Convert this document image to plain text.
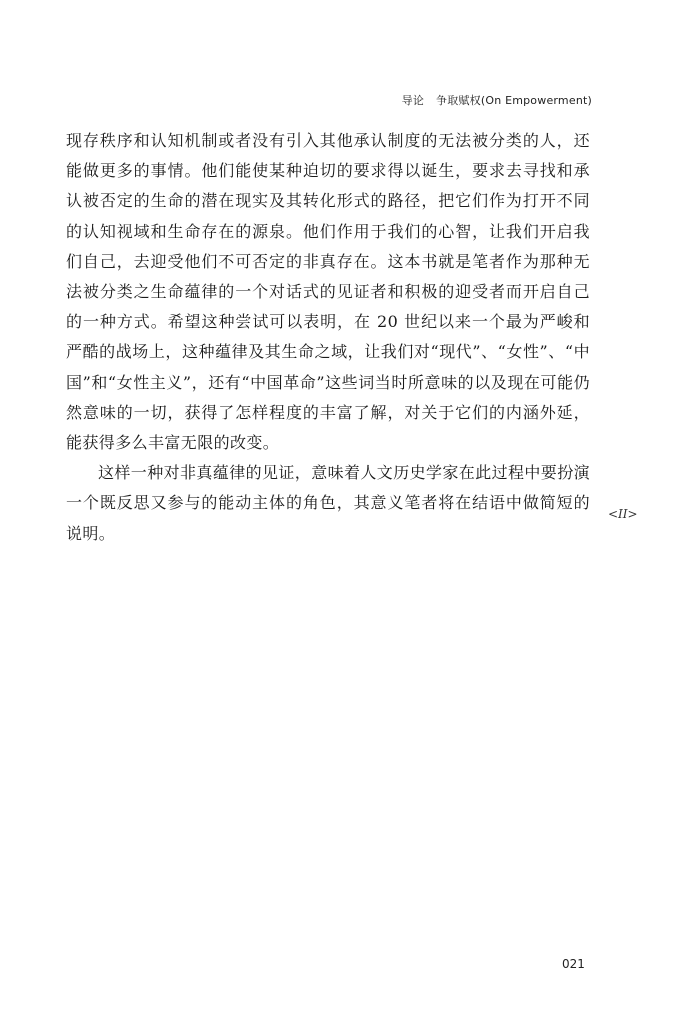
导论 争取赋权(On Empowerment)

现存秩序和认知机制或者没有引入其他承认制度的无法被分类的人，还能做更多的事情。他们能使某种迫切的要求得以诞生，要求去寻找和承认被否定的生命的潜在现实及其转化形式的路径，把它们作为打开不同的认知视域和生命存在的源泉。他们作用于我们的心智，让我们开启我们自己，去迎受他们不可否定的非真存在。这本书就是笔者作为那种无法被分类之生命蕴律的一个对话式的见证者和积极的迎受者而开启自己的一种方式。希望这种尝试可以表明，在 20 世纪以来一个最为严峻和严酷的战场上，这种蕴律及其生命之域，让我们对“现代”、“女性”、“中国”和“女性主义”，还有“中国革命”这些词当时所意味的以及现在可能仍然意味的一切，获得了怎样程度的丰富了解，对关于它们的内涵外延，能获得多么丰富无限的改变。

这样一种对非真蕴律的见证，意味着人文历史学家在此过程中要扮演一个既反思又参与的能动主体的角色，其意义笔者将在结语中做简短的说明。

<II>
021
